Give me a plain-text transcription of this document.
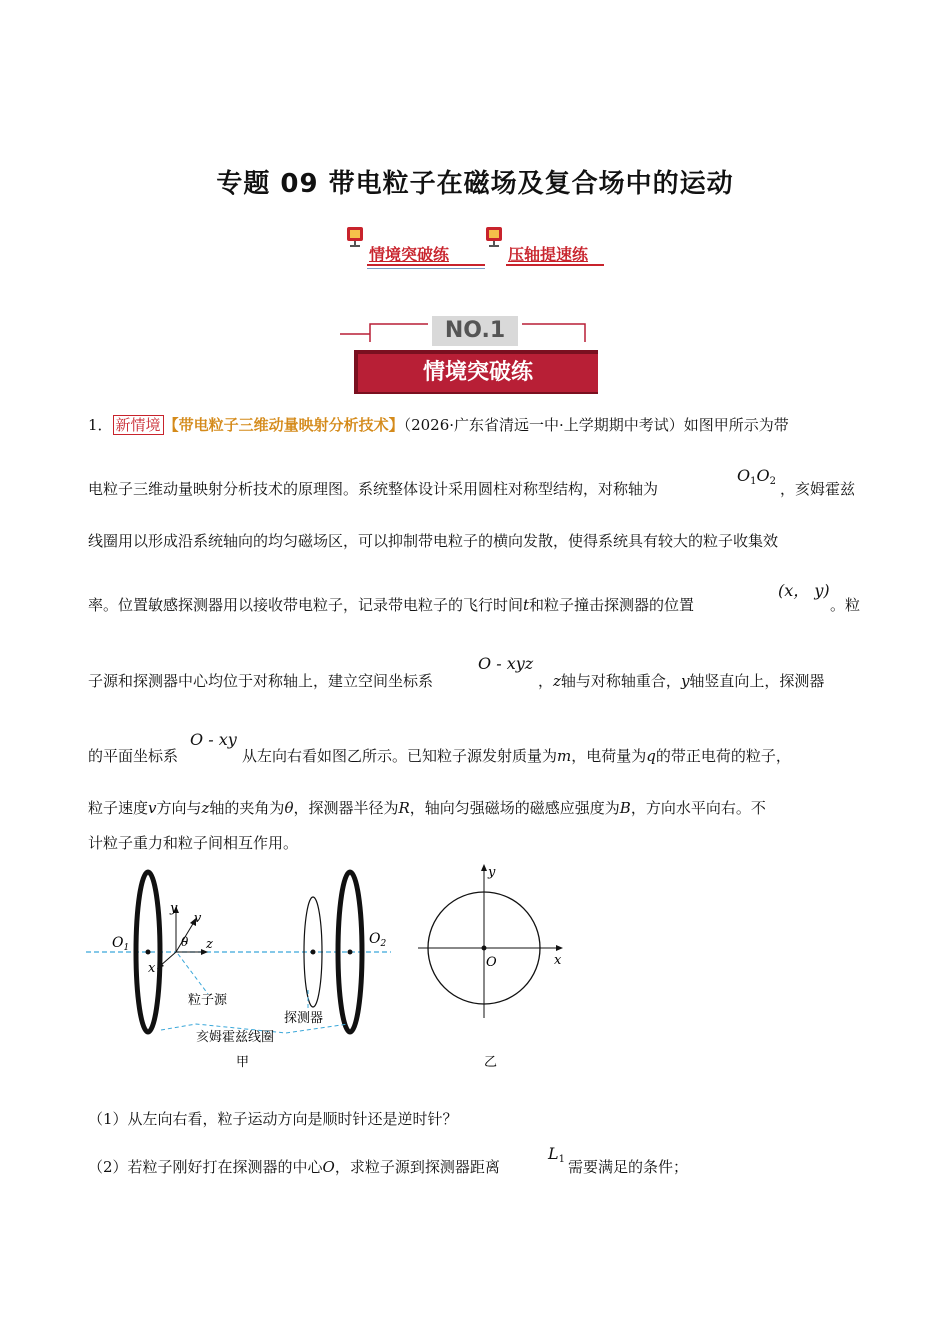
专题 09 带电粒子在磁场及复合场中的运动
情境突破练	压轴提速练
NO.1
情境突破练
1． 新情境 【带电粒子三维动量映射分析技术】（2026·广东省清远一中·上学期期中考试）如图甲所示为带
电粒子三维动量映射分析技术的原理图。系统整体设计采用圆柱对称型结构，对称轴为
$O_1O_2$ ，亥姆霍兹
线圈用以形成沿系统轴向的均匀磁场区，可以抑制带电粒子的横向发散，使得系统具有较大的粒子收集效
率。位置敏感探测器用以接收带电粒子，记录带电粒子的飞行时间t和粒子撞击探测器的位置
(x， y)
。粒
子源和探测器中心均位于对称轴上，建立空间坐标系
O - xyz
，z轴与对称轴重合，y轴竖直向上，探测器
的平面坐标系
O - xy
从左向右看如图乙所示。已知粒子源发射质量为m，电荷量为q的带正电荷的粒子，
粒子速度v方向与z轴的夹角为θ，探测器半径为R，轴向匀强磁场的磁感应强度为B，方向水平向右。不
计粒子重力和粒子间相互作用。
$O_1$
$O_2$
y
v
θ z
x
粒子源
探测器
亥姆霍兹线圈
甲
y
x
O
乙
（1）从左向右看，粒子运动方向是顺时针还是逆时针？
（2）若粒子刚好打在探测器的中心O，求粒子源到探测器距离
$L_1$ 需要满足的条件；
